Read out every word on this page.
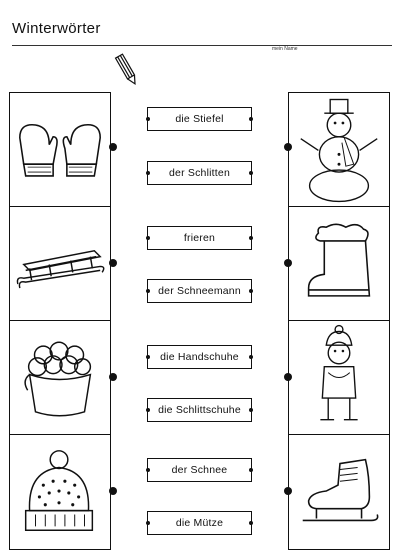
Winterwörter
mein Name
die Stiefel
der Schlitten
frieren
der Schneemann
die Handschuhe
die Schlittschuhe
der Schnee
die Mütze
